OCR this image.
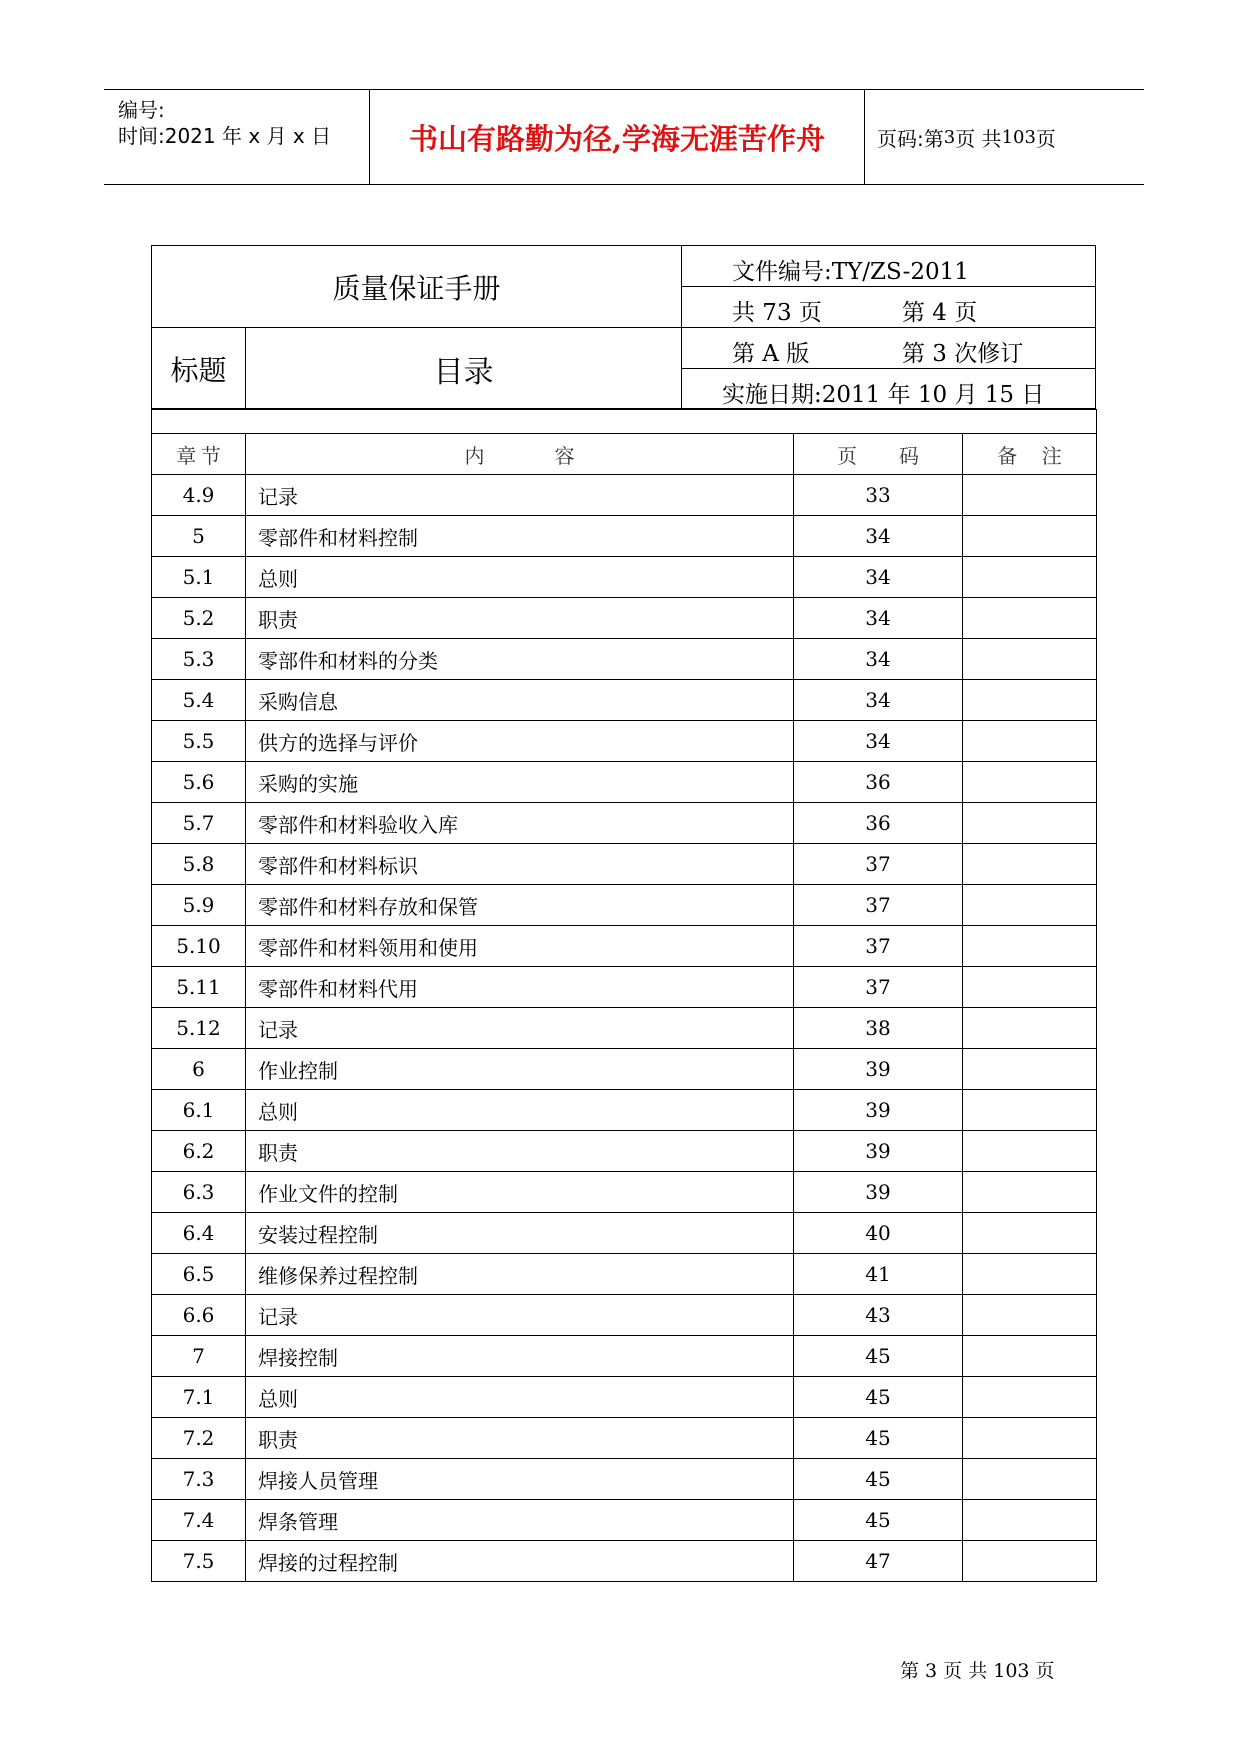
编号:
时间:2021 年 x 月 x 日	书山有路勤为径,学海无涯苦作舟	页码:第 3 页 共 103 页
质量保证手册
标题	目录
文件编号:TY/ZS-2011
共 73 页	第 4 页
第 A 版	第 3 次修订
实施日期:2011 年 10 月 15 日

章 节	内 容	页 码	备 注

4.9	记录	33	
5	零部件和材料控制	34	
5.1	总则	34	
5.2	职责	34	
5.3	零部件和材料的分类	34	
5.4	采购信息	34	
5.5	供方的选择与评价	34	
5.6	采购的实施	36	
5.7	零部件和材料验收入库	36	
5.8	零部件和材料标识	37	
5.9	零部件和材料存放和保管	37	
5.10	零部件和材料领用和使用	37	
5.11	零部件和材料代用	37	
5.12	记录	38	
6	作业控制	39	
6.1	总则	39	
6.2	职责	39	
6.3	作业文件的控制	39	
6.4	安装过程控制	40	
6.5	维修保养过程控制	41	
6.6	记录	43	
7	焊接控制	45	
7.1	总则	45	
7.2	职责	45	
7.3	焊接人员管理	45	
7.4	焊条管理	45	
7.5	焊接的过程控制	47	
第 3 页 共 103 页
